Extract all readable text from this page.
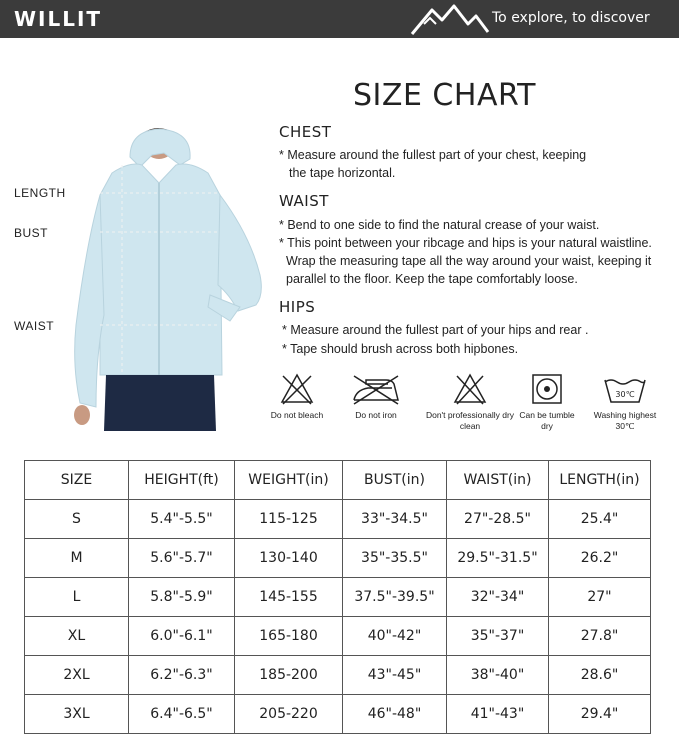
WILLIT	To explore, to discover
SIZE CHART
LENGTH
BUST
WAIST
CHEST
* Measure around the fullest part of your chest, keeping
the tape horizontal.
WAIST
* Bend to one side to find the natural crease of your waist.
* This point between your ribcage and hips is your natural waistline.
Wrap the measuring tape all the way around your waist, keeping it
parallel to the floor. Keep the tape comfortably loose.
HIPS
* Measure around the fullest part of your hips and rear .
* Tape should brush across both hipbones.
Do not bleach	Do not iron	Don't professionally dry clean
Can be tumble dry
30℃
Washing highest 30℃
SIZE	HEIGHT(ft)	WEIGHT(in)	BUST(in)	WAIST(in)	LENGTH(in)
S	5.4"-5.5"	115-125	33"-34.5"	27"-28.5"	25.4"
M	5.6"-5.7"	130-140	35"-35.5"	29.5"-31.5"	26.2"
L	5.8"-5.9"	145-155	37.5"-39.5"	32"-34"	27"
XL	6.0"-6.1"	165-180	40"-42"	35"-37"	27.8"
2XL	6.2"-6.3"	185-200	43"-45"	38"-40"	28.6"
3XL	6.4"-6.5"	205-220	46"-48"	41"-43"	29.4"
